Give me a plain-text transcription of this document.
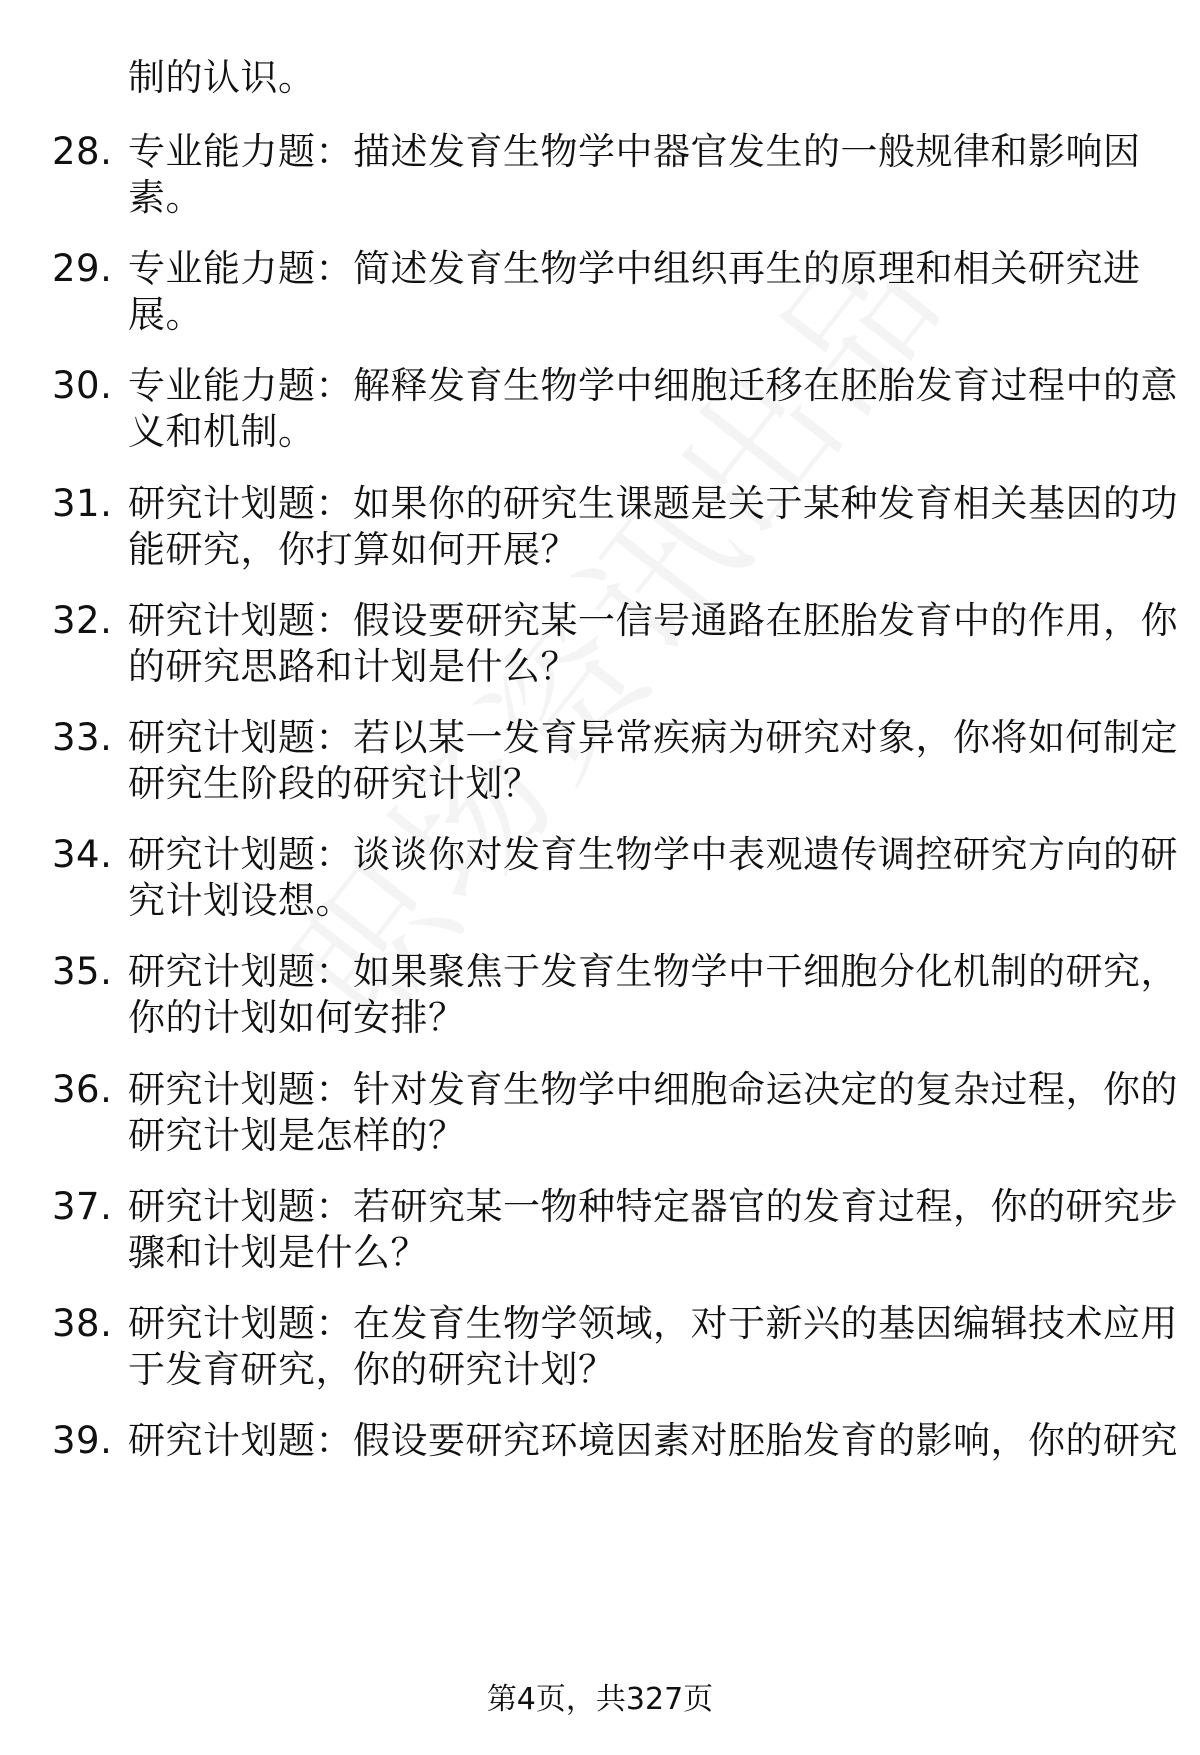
制的认识。
28. 专业能力题：描述发育生物学中器官发生的一般规律和影响因
素。
29. 专业能力题：简述发育生物学中组织再生的原理和相关研究进
展。
30. 专业能力题：解释发育生物学中细胞迁移在胚胎发育过程中的意
义和机制。
31. 研究计划题：如果你的研究生课题是关于某种发育相关基因的功
能研究，你打算如何开展？
32. 研究计划题：假设要研究某一信号通路在胚胎发育中的作用，你
的研究思路和计划是什么？
33. 研究计划题：若以某一发育异常疾病为研究对象，你将如何制定
研究生阶段的研究计划？
34. 研究计划题：谈谈你对发育生物学中表观遗传调控研究方向的研
究计划设想。
35. 研究计划题：如果聚焦于发育生物学中干细胞分化机制的研究，
你的计划如何安排？
36. 研究计划题：针对发育生物学中细胞命运决定的复杂过程，你的
研究计划是怎样的？
37. 研究计划题：若研究某一物种特定器官的发育过程，你的研究步
骤和计划是什么？
38. 研究计划题：在发育生物学领域，对于新兴的基因编辑技术应用
于发育研究，你的研究计划？
39. 研究计划题：假设要研究环境因素对胚胎发育的影响，你的研究
第4页，共327页
